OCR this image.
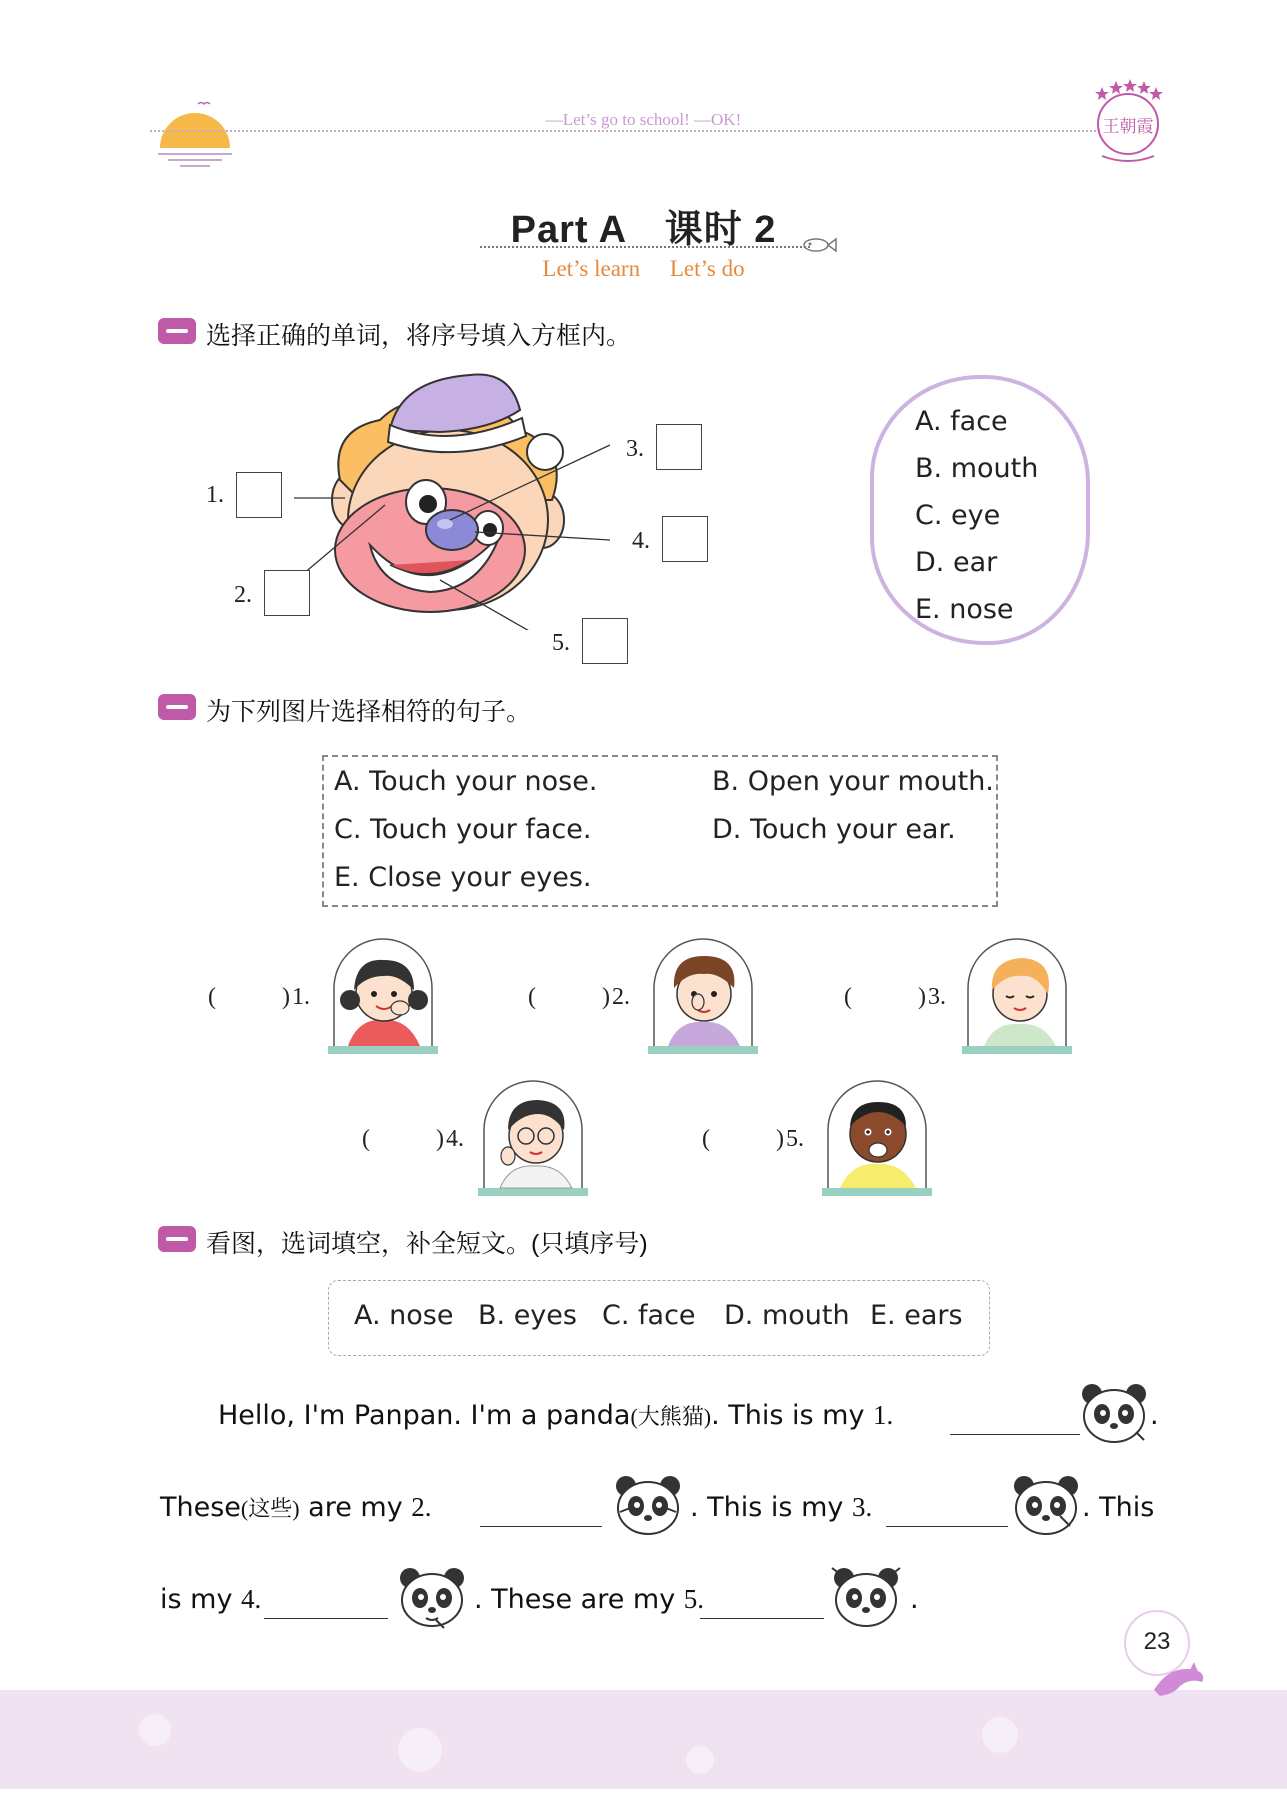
—Let’s go to school! —OK!	王朝霞
Part A　课时 2
Let’s learn Let’s do
选择正确的单词，将序号填入方框内。
1.
2.
3.
4.
5.
A. face
B. mouth
C. eye
D. ear
E. nose
为下列图片选择相符的句子。
A. Touch your nose.	B. Open your mouth.
C. Touch your face.	D. Touch your ear.
E. Close your eyes.
(	) 1.	(	) 2.	(	) 3.
(	) 4.	(	) 5.
看图，选词填空，补全短文。(只填序号)
A. nose B. eyes C. face D. mouth E. ears
Hello, I'm Panpan. I'm a panda(大熊猫). This is my 1.	.
These(这些) are my 2.	. This is my 3.	. This
is my 4.	. These are my 5.	.
23
